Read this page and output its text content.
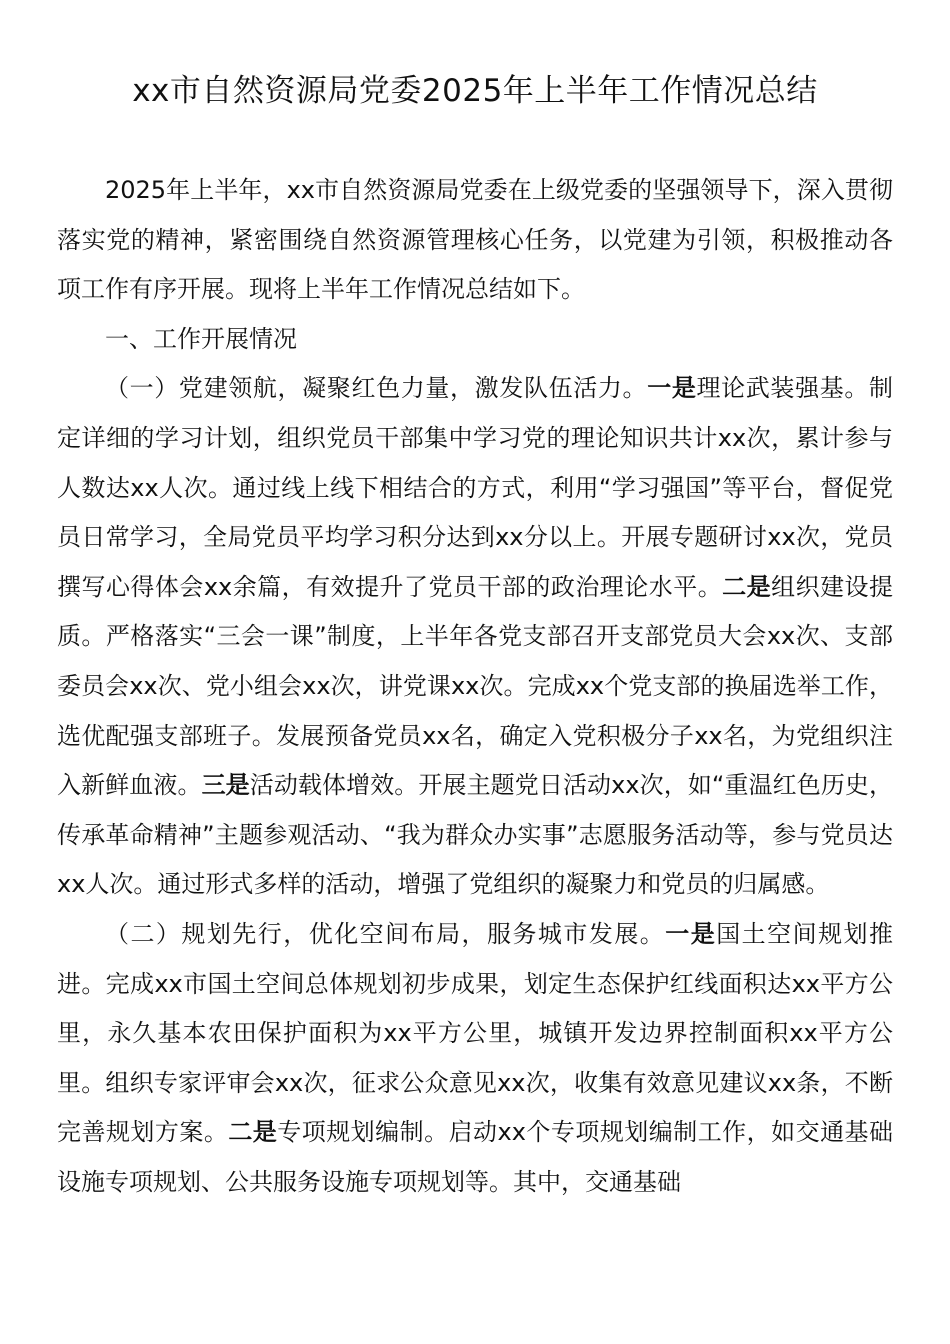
xx市自然资源局党委2025年上半年工作情况总结

2025年上半年，xx市自然资源局党委在上级党委的坚强领导下，深入贯彻落实党的精神，紧密围绕自然资源管理核心任务，以党建为引领，积极推动各项工作有序开展。现将上半年工作情况总结如下。

一、工作开展情况

（一）党建领航，凝聚红色力量，激发队伍活力。一是理论武装强基。制定详细的学习计划，组织党员干部集中学习党的理论知识共计xx次，累计参与人数达xx人次。通过线上线下相结合的方式，利用“学习强国”等平台，督促党员日常学习，全局党员平均学习积分达到xx分以上。开展专题研讨xx次，党员撰写心得体会xx余篇，有效提升了党员干部的政治理论水平。二是组织建设提质。严格落实“三会一课”制度，上半年各党支部召开支部党员大会xx次、支部委员会xx次、党小组会xx次，讲党课xx次。完成xx个党支部的换届选举工作，选优配强支部班子。发展预备党员xx名，确定入党积极分子xx名，为党组织注入新鲜血液。三是活动载体增效。开展主题党日活动xx次，如“重温红色历史，传承革命精神”主题参观活动、“我为群众办实事”志愿服务活动等，参与党员达xx人次。通过形式多样的活动，增强了党组织的凝聚力和党员的归属感。

（二）规划先行，优化空间布局，服务城市发展。一是国土空间规划推进。完成xx市国土空间总体规划初步成果，划定生态保护红线面积达xx平方公里，永久基本农田保护面积为xx平方公里，城镇开发边界控制面积xx平方公里。组织专家评审会xx次，征求公众意见xx次，收集有效意见建议xx条，不断完善规划方案。二是专项规划编制。启动xx个专项规划编制工作，如交通基础设施专项规划、公共服务设施专项规划等。其中，交通基础
